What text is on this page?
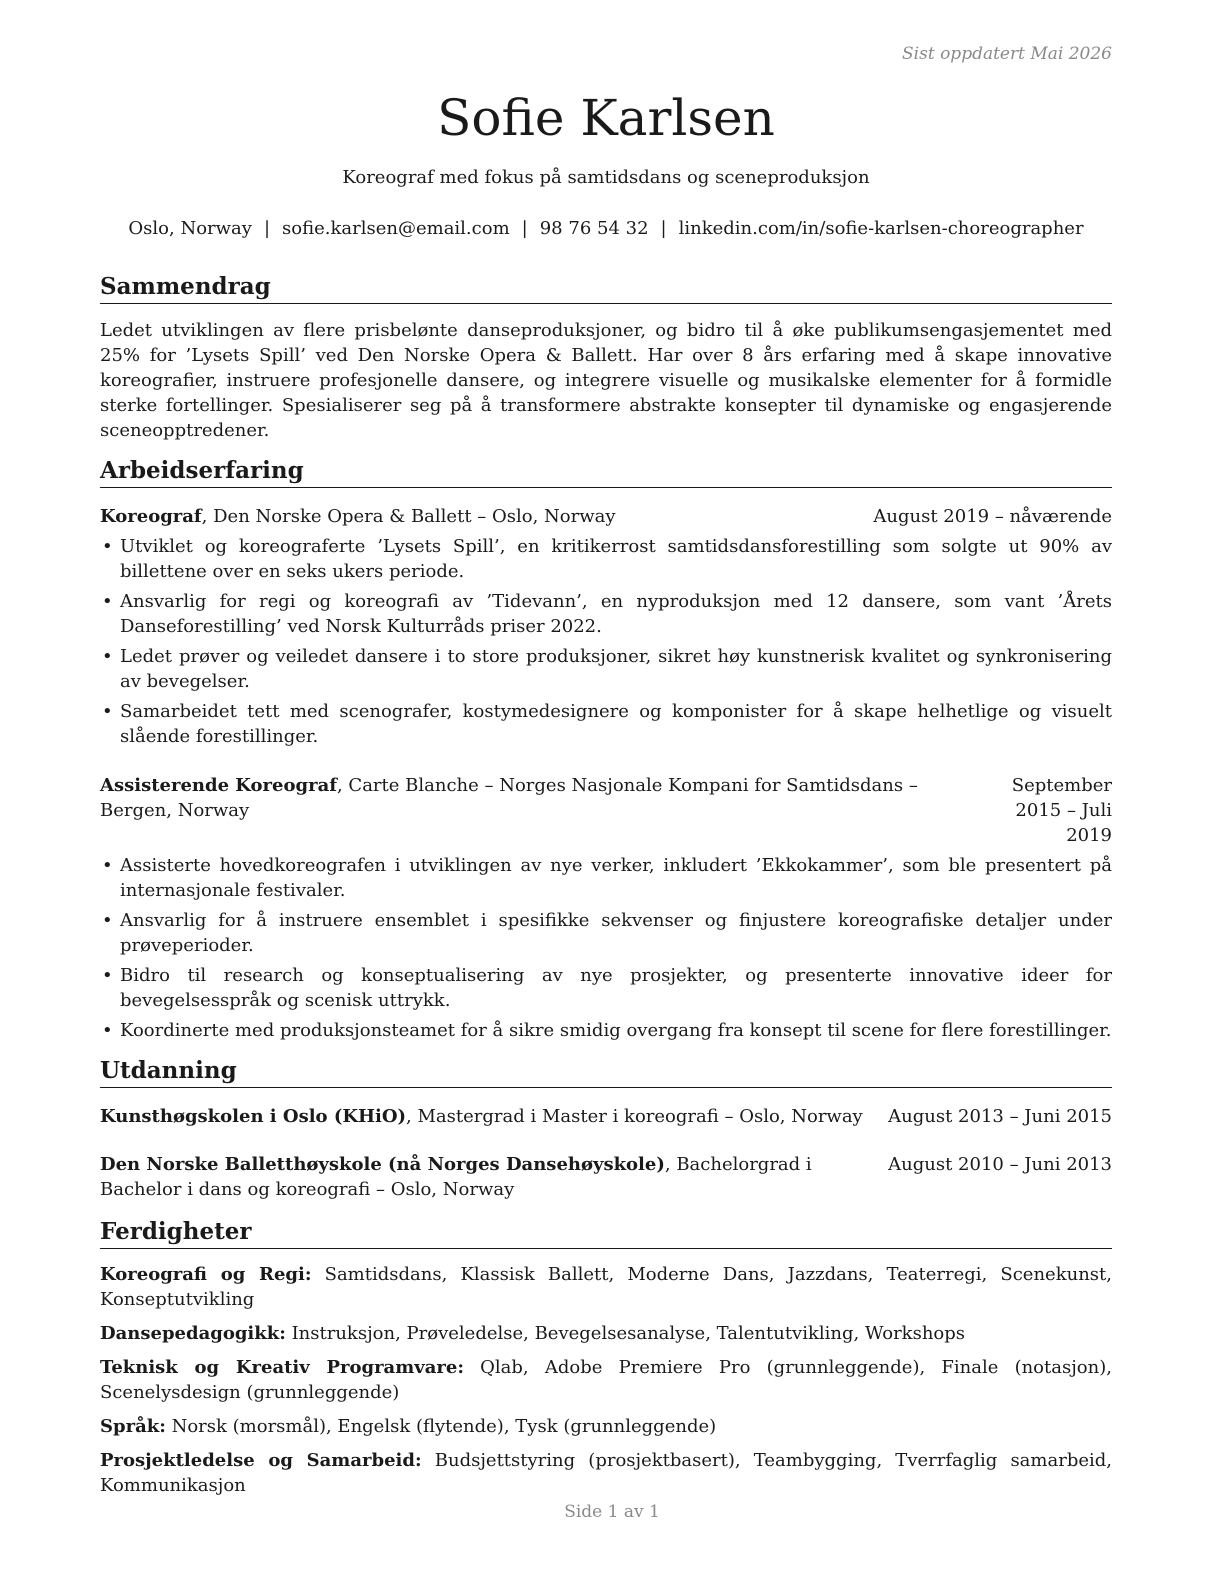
Sist oppdatert Mai 2026
Sofie Karlsen
Koreograf med fokus på samtidsdans og sceneproduksjon
Oslo, Norway | sofie.karlsen@email.com | 98 76 54 32 | linkedin.com/in/sofie-karlsen-choreographer
Sammendrag
Ledet utviklingen av flere prisbelønte danseproduksjoner, og bidro til å øke publikumsengasjementet med 25% for ’Lysets Spill’ ved Den Norske Opera & Ballett. Har over 8 års erfaring med å skape innovative koreografier, instruere profesjonelle dansere, og integrere visuelle og musikalske elementer for å formidle sterke fortellinger. Spesialiserer seg på å transformere abstrakte konsepter til dynamiske og engasjerende sceneopptredener.
Arbeidserfaring
Koreograf, Den Norske Opera & Ballett – Oslo, Norway	August 2019 – nåværende
• Utviklet og koreograferte ’Lysets Spill’, en kritikerrost samtidsdansforestilling som solgte ut 90% av billettene over en seks ukers periode.
• Ansvarlig for regi og koreografi av ’Tidevann’, en nyproduksjon med 12 dansere, som vant ’Årets Danseforestilling’ ved Norsk Kulturråds priser 2022.
• Ledet prøver og veiledet dansere i to store produksjoner, sikret høy kunstnerisk kvalitet og synkronisering av bevegelser.
• Samarbeidet tett med scenografer, kostymedesignere og komponister for å skape helhetlige og visuelt slående forestillinger.
Assisterende Koreograf, Carte Blanche – Norges Nasjonale Kompani for Samtidsdans – Bergen, Norway
September 2015 – Juli 2019
• Assisterte hovedkoreografen i utviklingen av nye verker, inkludert ’Ekkokammer’, som ble presentert på internasjonale festivaler.
• Ansvarlig for å instruere ensemblet i spesifikke sekvenser og finjustere koreografiske detaljer under prøveperioder.
• Bidro til research og konseptualisering av nye prosjekter, og presenterte innovative ideer for bevegelsesspråk og scenisk uttrykk.
• Koordinerte med produksjonsteamet for å sikre smidig overgang fra konsept til scene for flere forestillinger.
Utdanning
Kunsthøgskolen i Oslo (KHiO), Mastergrad i Master i koreografi – Oslo, Norway	August 2013 – Juni 2015
Den Norske Balletthøyskole (nå Norges Dansehøyskole), Bachelorgrad i Bachelor i dans og koreografi – Oslo, Norway
August 2010 – Juni 2013
Ferdigheter
Koreografi og Regi: Samtidsdans, Klassisk Ballett, Moderne Dans, Jazzdans, Teaterregi, Scenekunst, Konseptutvikling
Dansepedagogikk: Instruksjon, Prøveledelse, Bevegelsesanalyse, Talentutvikling, Workshops
Teknisk og Kreativ Programvare: Qlab, Adobe Premiere Pro (grunnleggende), Finale (notasjon), Scenelysdesign (grunnleggende)
Språk: Norsk (morsmål), Engelsk (flytende), Tysk (grunnleggende)
Prosjektledelse og Samarbeid: Budsjettstyring (prosjektbasert), Teambygging, Tverrfaglig samarbeid, Kommunikasjon
Side 1 av 1
